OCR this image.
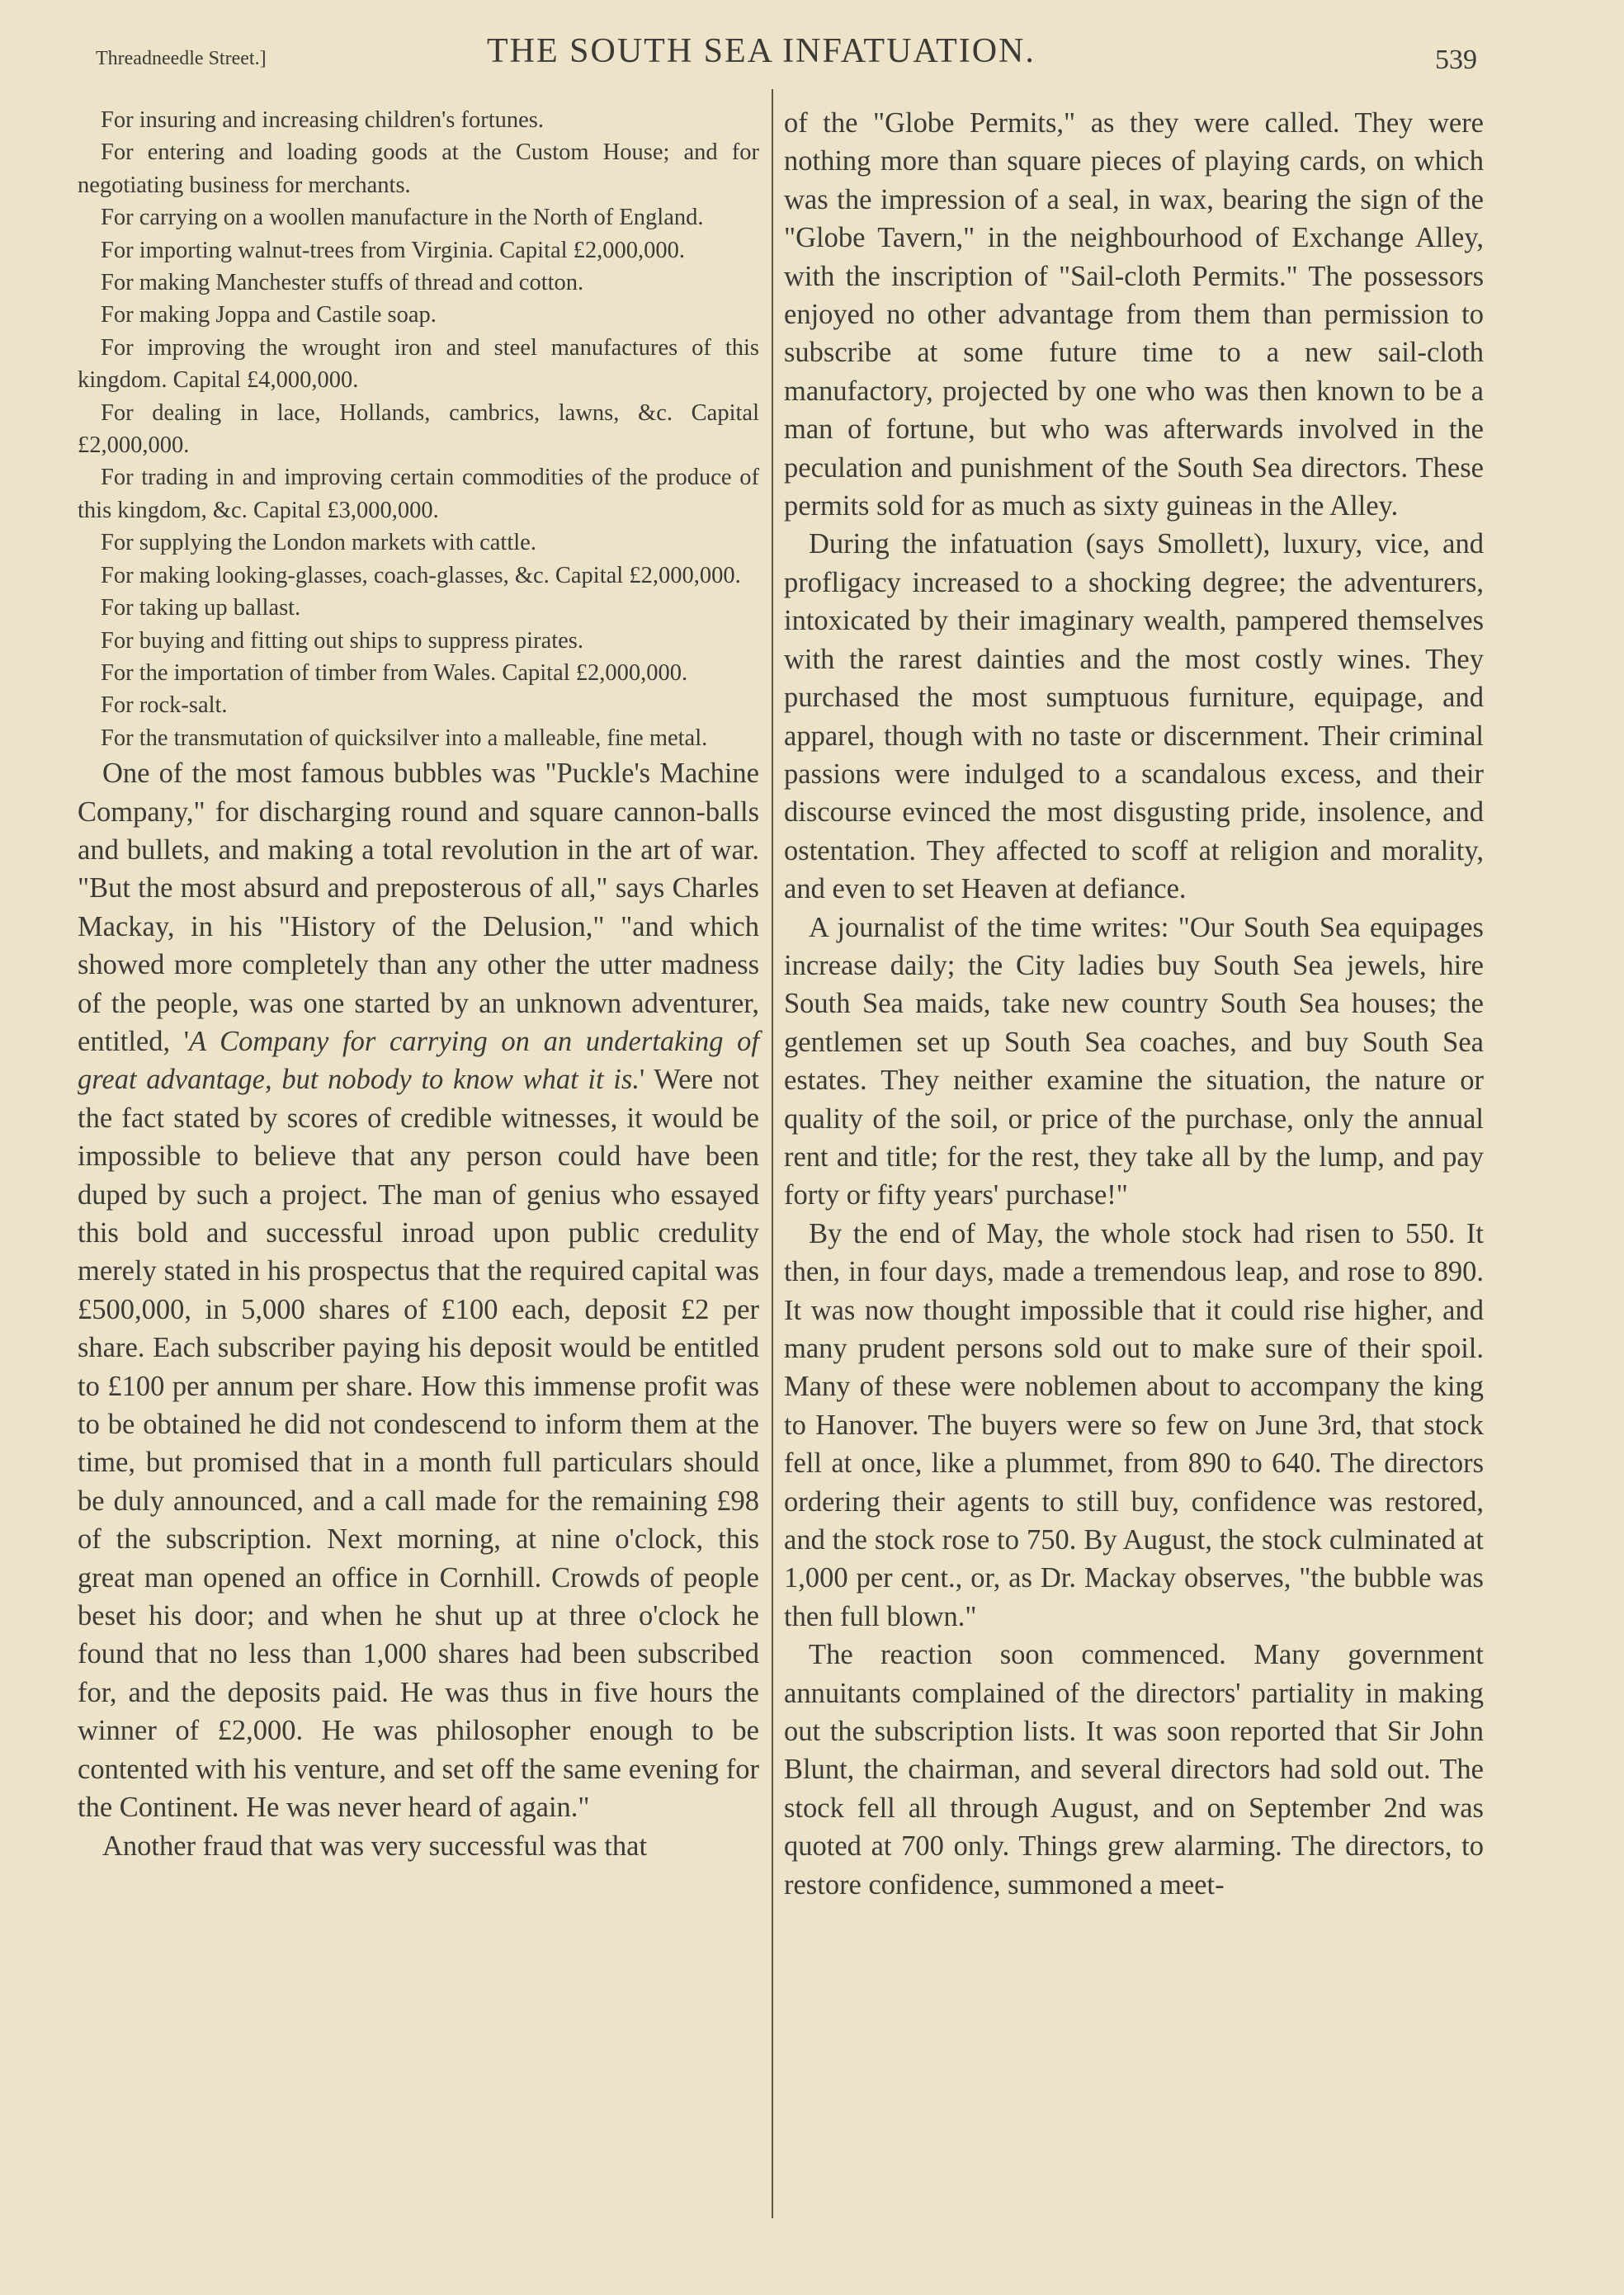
Threadneedle Street.]	THE SOUTH SEA INFATUATION.	539

For insuring and increasing children's fortunes.

For entering and loading goods at the Custom House; and for negotiating business for merchants.

For carrying on a woollen manufacture in the North of England.

For importing walnut-trees from Virginia. Capital £2,000,000.

For making Manchester stuffs of thread and cotton.

For making Joppa and Castile soap.

For improving the wrought iron and steel manufactures of this kingdom. Capital £4,000,000.

For dealing in lace, Hollands, cambrics, lawns, &c. Capital £2,000,000.

For trading in and improving certain commodities of the produce of this kingdom, &c. Capital £3,000,000.

For supplying the London markets with cattle.

For making looking-glasses, coach-glasses, &c. Capital £2,000,000.

For taking up ballast.

For buying and fitting out ships to suppress pirates.

For the importation of timber from Wales. Capital £2,000,000.

For rock-salt.

For the transmutation of quicksilver into a malleable, fine metal.

One of the most famous bubbles was "Puckle's Machine Company," for discharging round and square cannon-balls and bullets, and making a total revolution in the art of war. "But the most absurd and preposterous of all," says Charles Mackay, in his "History of the Delusion," "and which showed more completely than any other the utter madness of the people, was one started by an unknown adventurer, entitled, 'A Company for carrying on an undertaking of great advantage, but nobody to know what it is.' Were not the fact stated by scores of credible witnesses, it would be impossible to believe that any person could have been duped by such a project. The man of genius who essayed this bold and successful inroad upon public credulity merely stated in his prospectus that the required capital was £500,000, in 5,000 shares of £100 each, deposit £2 per share. Each subscriber paying his deposit would be entitled to £100 per annum per share. How this immense profit was to be obtained he did not condescend to inform them at the time, but promised that in a month full particulars should be duly announced, and a call made for the remaining £98 of the subscription. Next morning, at nine o'clock, this great man opened an office in Cornhill. Crowds of people beset his door; and when he shut up at three o'clock he found that no less than 1,000 shares had been subscribed for, and the deposits paid. He was thus in five hours the winner of £2,000. He was philosopher enough to be contented with his venture, and set off the same evening for the Continent. He was never heard of again."

Another fraud that was very successful was that

of the "Globe Permits," as they were called. They were nothing more than square pieces of playing cards, on which was the impression of a seal, in wax, bearing the sign of the "Globe Tavern," in the neighbourhood of Exchange Alley, with the inscription of "Sail-cloth Permits." The possessors enjoyed no other advantage from them than permission to subscribe at some future time to a new sail-cloth manufactory, projected by one who was then known to be a man of fortune, but who was afterwards involved in the peculation and punishment of the South Sea directors. These permits sold for as much as sixty guineas in the Alley.

During the infatuation (says Smollett), luxury, vice, and profligacy increased to a shocking degree; the adventurers, intoxicated by their imaginary wealth, pampered themselves with the rarest dainties and the most costly wines. They purchased the most sumptuous furniture, equipage, and apparel, though with no taste or discernment. Their criminal passions were indulged to a scandalous excess, and their discourse evinced the most disgusting pride, insolence, and ostentation. They affected to scoff at religion and morality, and even to set Heaven at defiance.

A journalist of the time writes: "Our South Sea equipages increase daily; the City ladies buy South Sea jewels, hire South Sea maids, take new country South Sea houses; the gentlemen set up South Sea coaches, and buy South Sea estates. They neither examine the situation, the nature or quality of the soil, or price of the purchase, only the annual rent and title; for the rest, they take all by the lump, and pay forty or fifty years' purchase!"

By the end of May, the whole stock had risen to 550. It then, in four days, made a tremendous leap, and rose to 890. It was now thought impossible that it could rise higher, and many prudent persons sold out to make sure of their spoil. Many of these were noblemen about to accompany the king to Hanover. The buyers were so few on June 3rd, that stock fell at once, like a plummet, from 890 to 640. The directors ordering their agents to still buy, confidence was restored, and the stock rose to 750. By August, the stock culminated at 1,000 per cent., or, as Dr. Mackay observes, "the bubble was then full blown."

The reaction soon commenced. Many government annuitants complained of the directors' partiality in making out the subscription lists. It was soon reported that Sir John Blunt, the chairman, and several directors had sold out. The stock fell all through August, and on September 2nd was quoted at 700 only. Things grew alarming. The directors, to restore confidence, summoned a meet-
